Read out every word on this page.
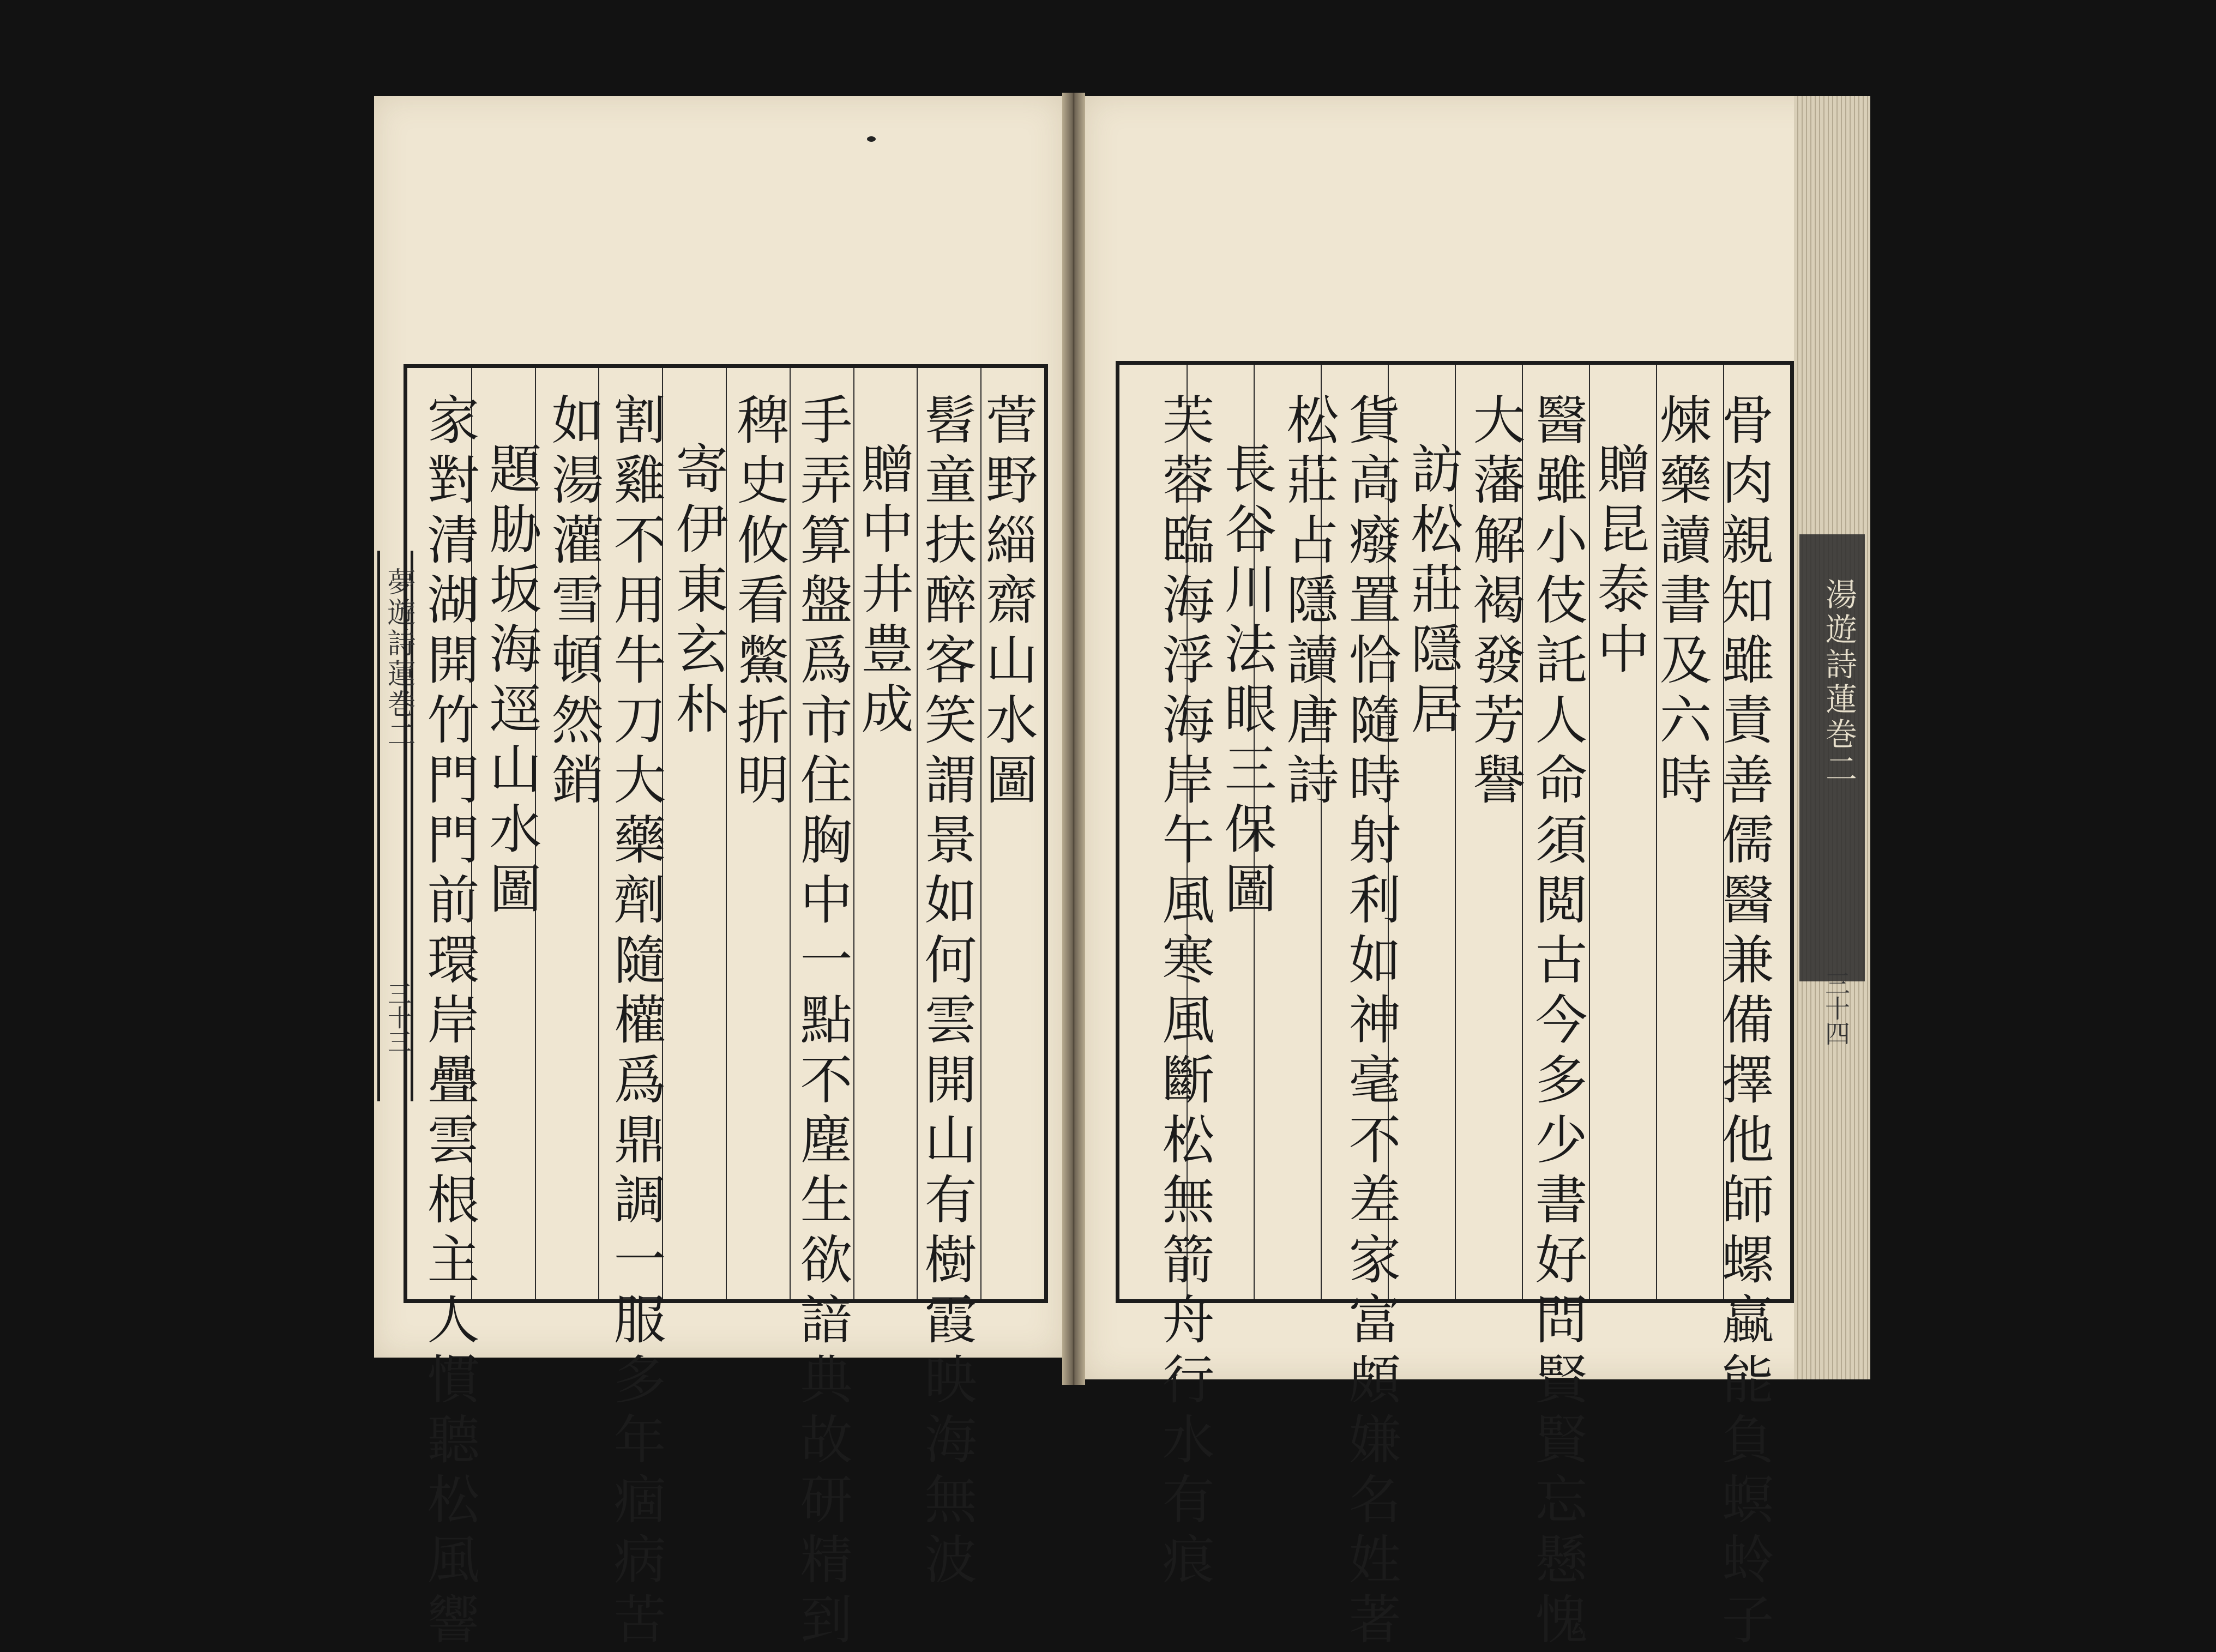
夢遊詩蓮巻二
三十三
菅野緇齋山水圖
髫童扶醉客笑謂景如何雲開山有樹霞映海無波
贈中井豊成
手弄算盤爲市住胸中一點不塵生欲諳典故研精到
稗史攸看鱉折明
寄伊東玄朴
割雞不用牛刀大藥劑隨權爲鼎調一服多年痼病苦
如湯灌雪頓然銷
題胁坂海逕山水圖
家對清湖開竹門門前環岸疊雲根主人慣聽松風響	骨肉親知雖責善儒醫兼備擇他師螺蠃能負螟蛉子
煉藥讀書及六時
贈昆泰中
醫雖小伎託人命須閲古今多少書好問賢賢忘懸愧
大藩解褐發芳譽
訪松莊隱居
貨高癈置恰隨時射利如神毫不差家富頗嫌名姓著
松莊占隱讀唐詩
長谷川法眼三保圖
芙蓉臨海浮海岸午風寒風斷松無箭舟行水有痕	湯遊詩蓮巻二
三十四
